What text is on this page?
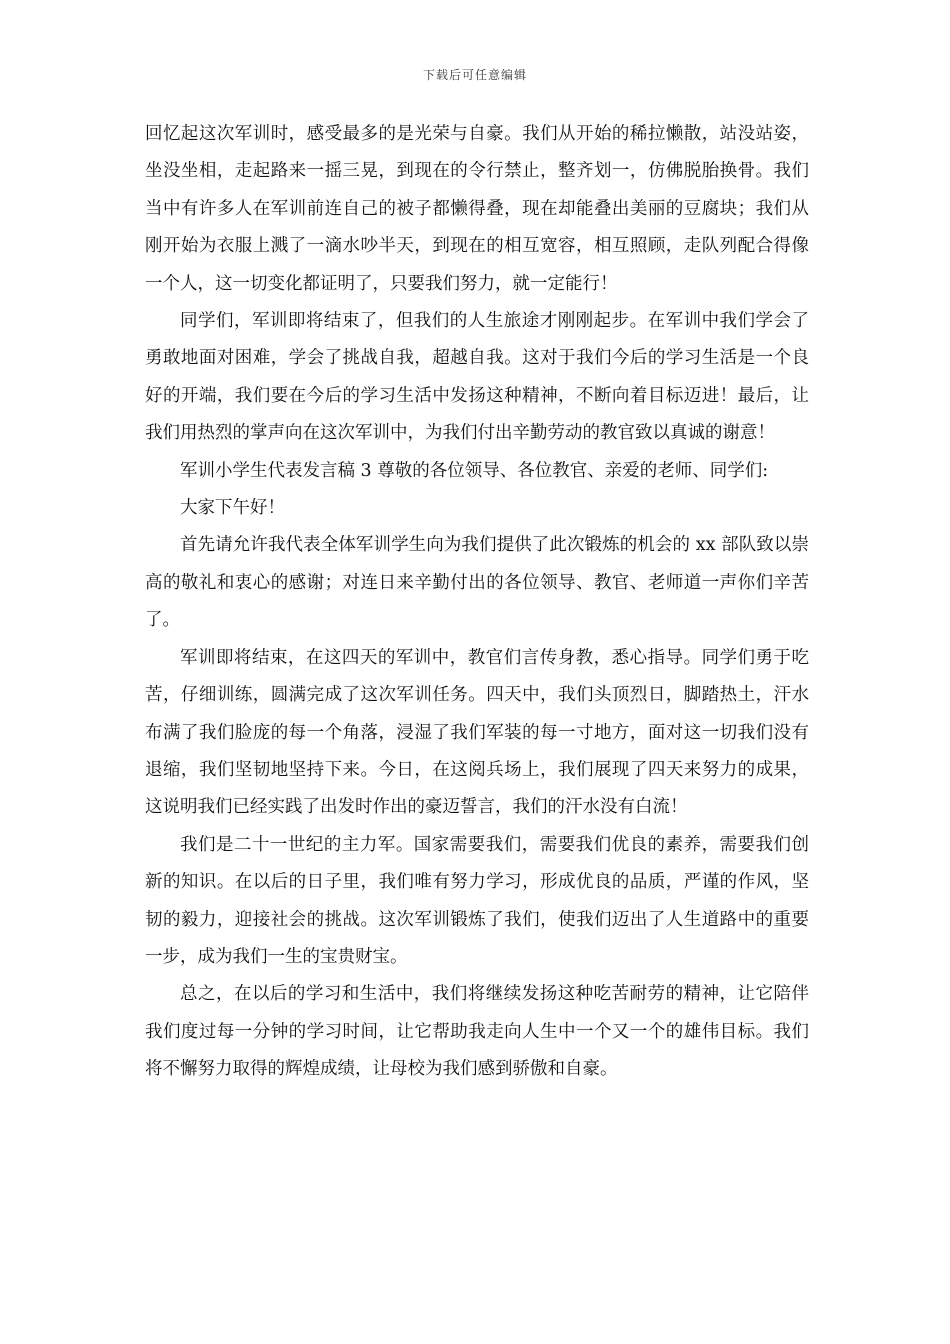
下载后可任意编辑

回忆起这次军训时，感受最多的是光荣与自豪。我们从开始的稀拉懒散，站没站姿，坐没坐相，走起路来一摇三晃，到现在的令行禁止，整齐划一，仿佛脱胎换骨。我们当中有许多人在军训前连自己的被子都懒得叠，现在却能叠出美丽的豆腐块；我们从刚开始为衣服上溅了一滴水吵半天，到现在的相互宽容，相互照顾，走队列配合得像一个人，这一切变化都证明了，只要我们努力，就一定能行！

同学们，军训即将结束了，但我们的人生旅途才刚刚起步。在军训中我们学会了勇敢地面对困难，学会了挑战自我，超越自我。这对于我们今后的学习生活是一个良好的开端，我们要在今后的学习生活中发扬这种精神，不断向着目标迈进！最后，让我们用热烈的掌声向在这次军训中，为我们付出辛勤劳动的教官致以真诚的谢意！

军训小学生代表发言稿 3 尊敬的各位领导、各位教官、亲爱的老师、同学们:

大家下午好！

首先请允许我代表全体军训学生向为我们提供了此次锻炼的机会的 xx 部队致以崇高的敬礼和衷心的感谢；对连日来辛勤付出的各位领导、教官、老师道一声你们辛苦了。

军训即将结束，在这四天的军训中，教官们言传身教，悉心指导。同学们勇于吃苦，仔细训练，圆满完成了这次军训任务。四天中，我们头顶烈日，脚踏热土，汗水布满了我们脸庞的每一个角落，浸湿了我们军装的每一寸地方，面对这一切我们没有退缩，我们坚韧地坚持下来。今日，在这阅兵场上，我们展现了四天来努力的成果，这说明我们已经实践了出发时作出的豪迈誓言，我们的汗水没有白流！

我们是二十一世纪的主力军。国家需要我们，需要我们优良的素养，需要我们创新的知识。在以后的日子里，我们唯有努力学习，形成优良的品质，严谨的作风，坚韧的毅力，迎接社会的挑战。这次军训锻炼了我们，使我们迈出了人生道路中的重要一步，成为我们一生的宝贵财宝。

总之，在以后的学习和生活中，我们将继续发扬这种吃苦耐劳的精神，让它陪伴我们度过每一分钟的学习时间，让它帮助我走向人生中一个又一个的雄伟目标。我们将不懈努力取得的辉煌成绩，让母校为我们感到骄傲和自豪。
